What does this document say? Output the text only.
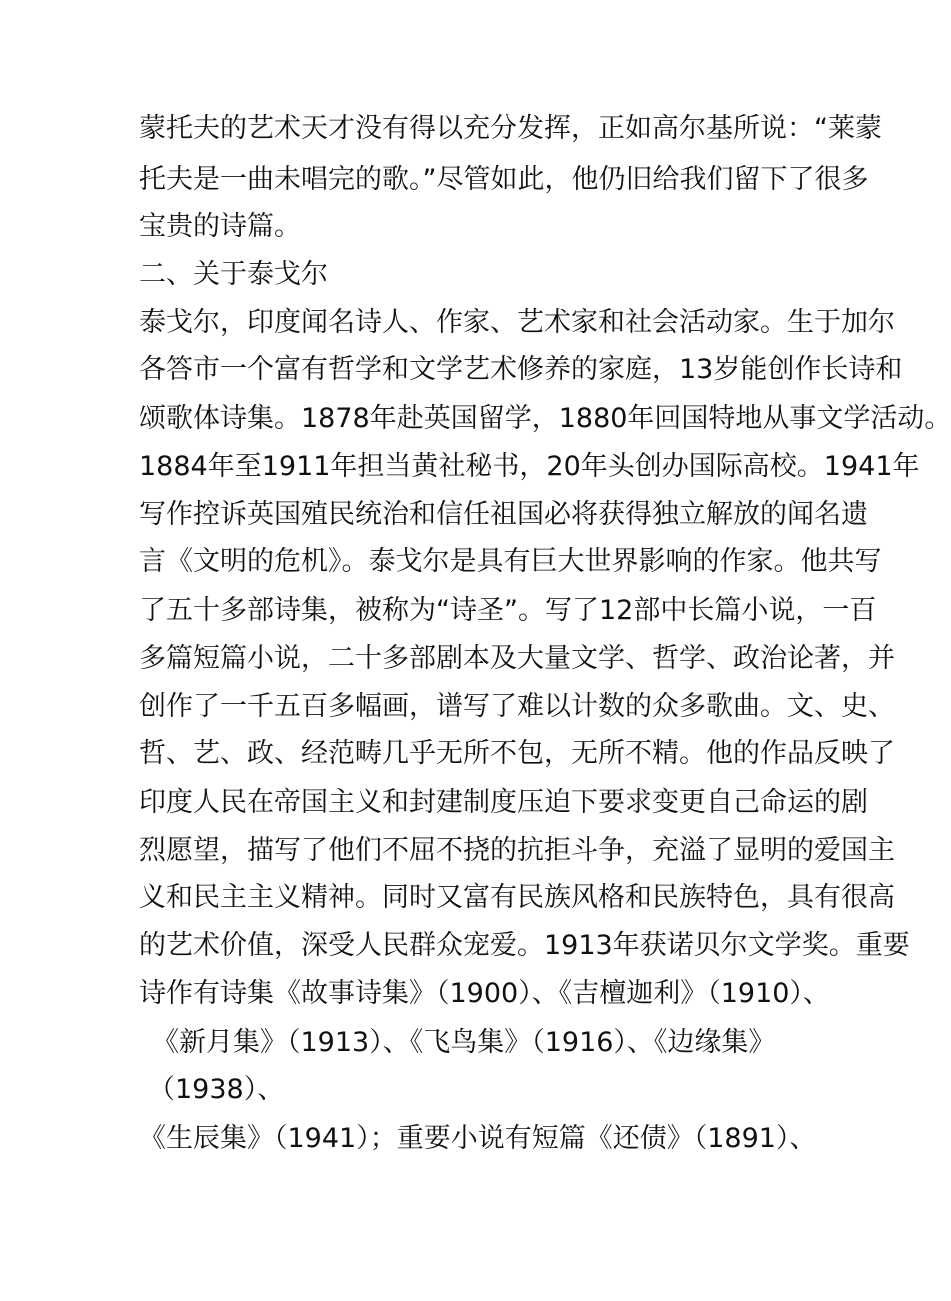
蒙托夫的艺术天才没有得以充分发挥，正如高尔基所说：“莱蒙
托夫是一曲未唱完的歌。”尽管如此，他仍旧给我们留下了很多
宝贵的诗篇。
二、关于泰戈尔
泰戈尔，印度闻名诗人、作家、艺术家和社会活动家。生于加尔
各答市一个富有哲学和文学艺术修养的家庭，13岁能创作长诗和
颂歌体诗集。1878年赴英国留学，1880年回国特地从事文学活动。
1884年至1911年担当黄社秘书，20年头创办国际高校。1941年
写作控诉英国殖民统治和信任祖国必将获得独立解放的闻名遗
言《文明的危机》。泰戈尔是具有巨大世界影响的作家。他共写
了五十多部诗集，被称为“诗圣”。写了12部中长篇小说，一百
多篇短篇小说，二十多部剧本及大量文学、哲学、政治论著，并
创作了一千五百多幅画，谱写了难以计数的众多歌曲。文、史、
哲、艺、政、经范畴几乎无所不包，无所不精。他的作品反映了
印度人民在帝国主义和封建制度压迫下要求变更自己命运的剧
烈愿望，描写了他们不屈不挠的抗拒斗争，充溢了显明的爱国主
义和民主主义精神。同时又富有民族风格和民族特色，具有很高
的艺术价值，深受人民群众宠爱。1913年获诺贝尔文学奖。重要
诗作有诗集《故事诗集》（1900）、《吉檀迦利》（1910）、
《新月集》（1913）、《飞鸟集》（1916）、《边缘集》
（1938）、
《生辰集》（1941）；重要小说有短篇《还债》（1891）、
